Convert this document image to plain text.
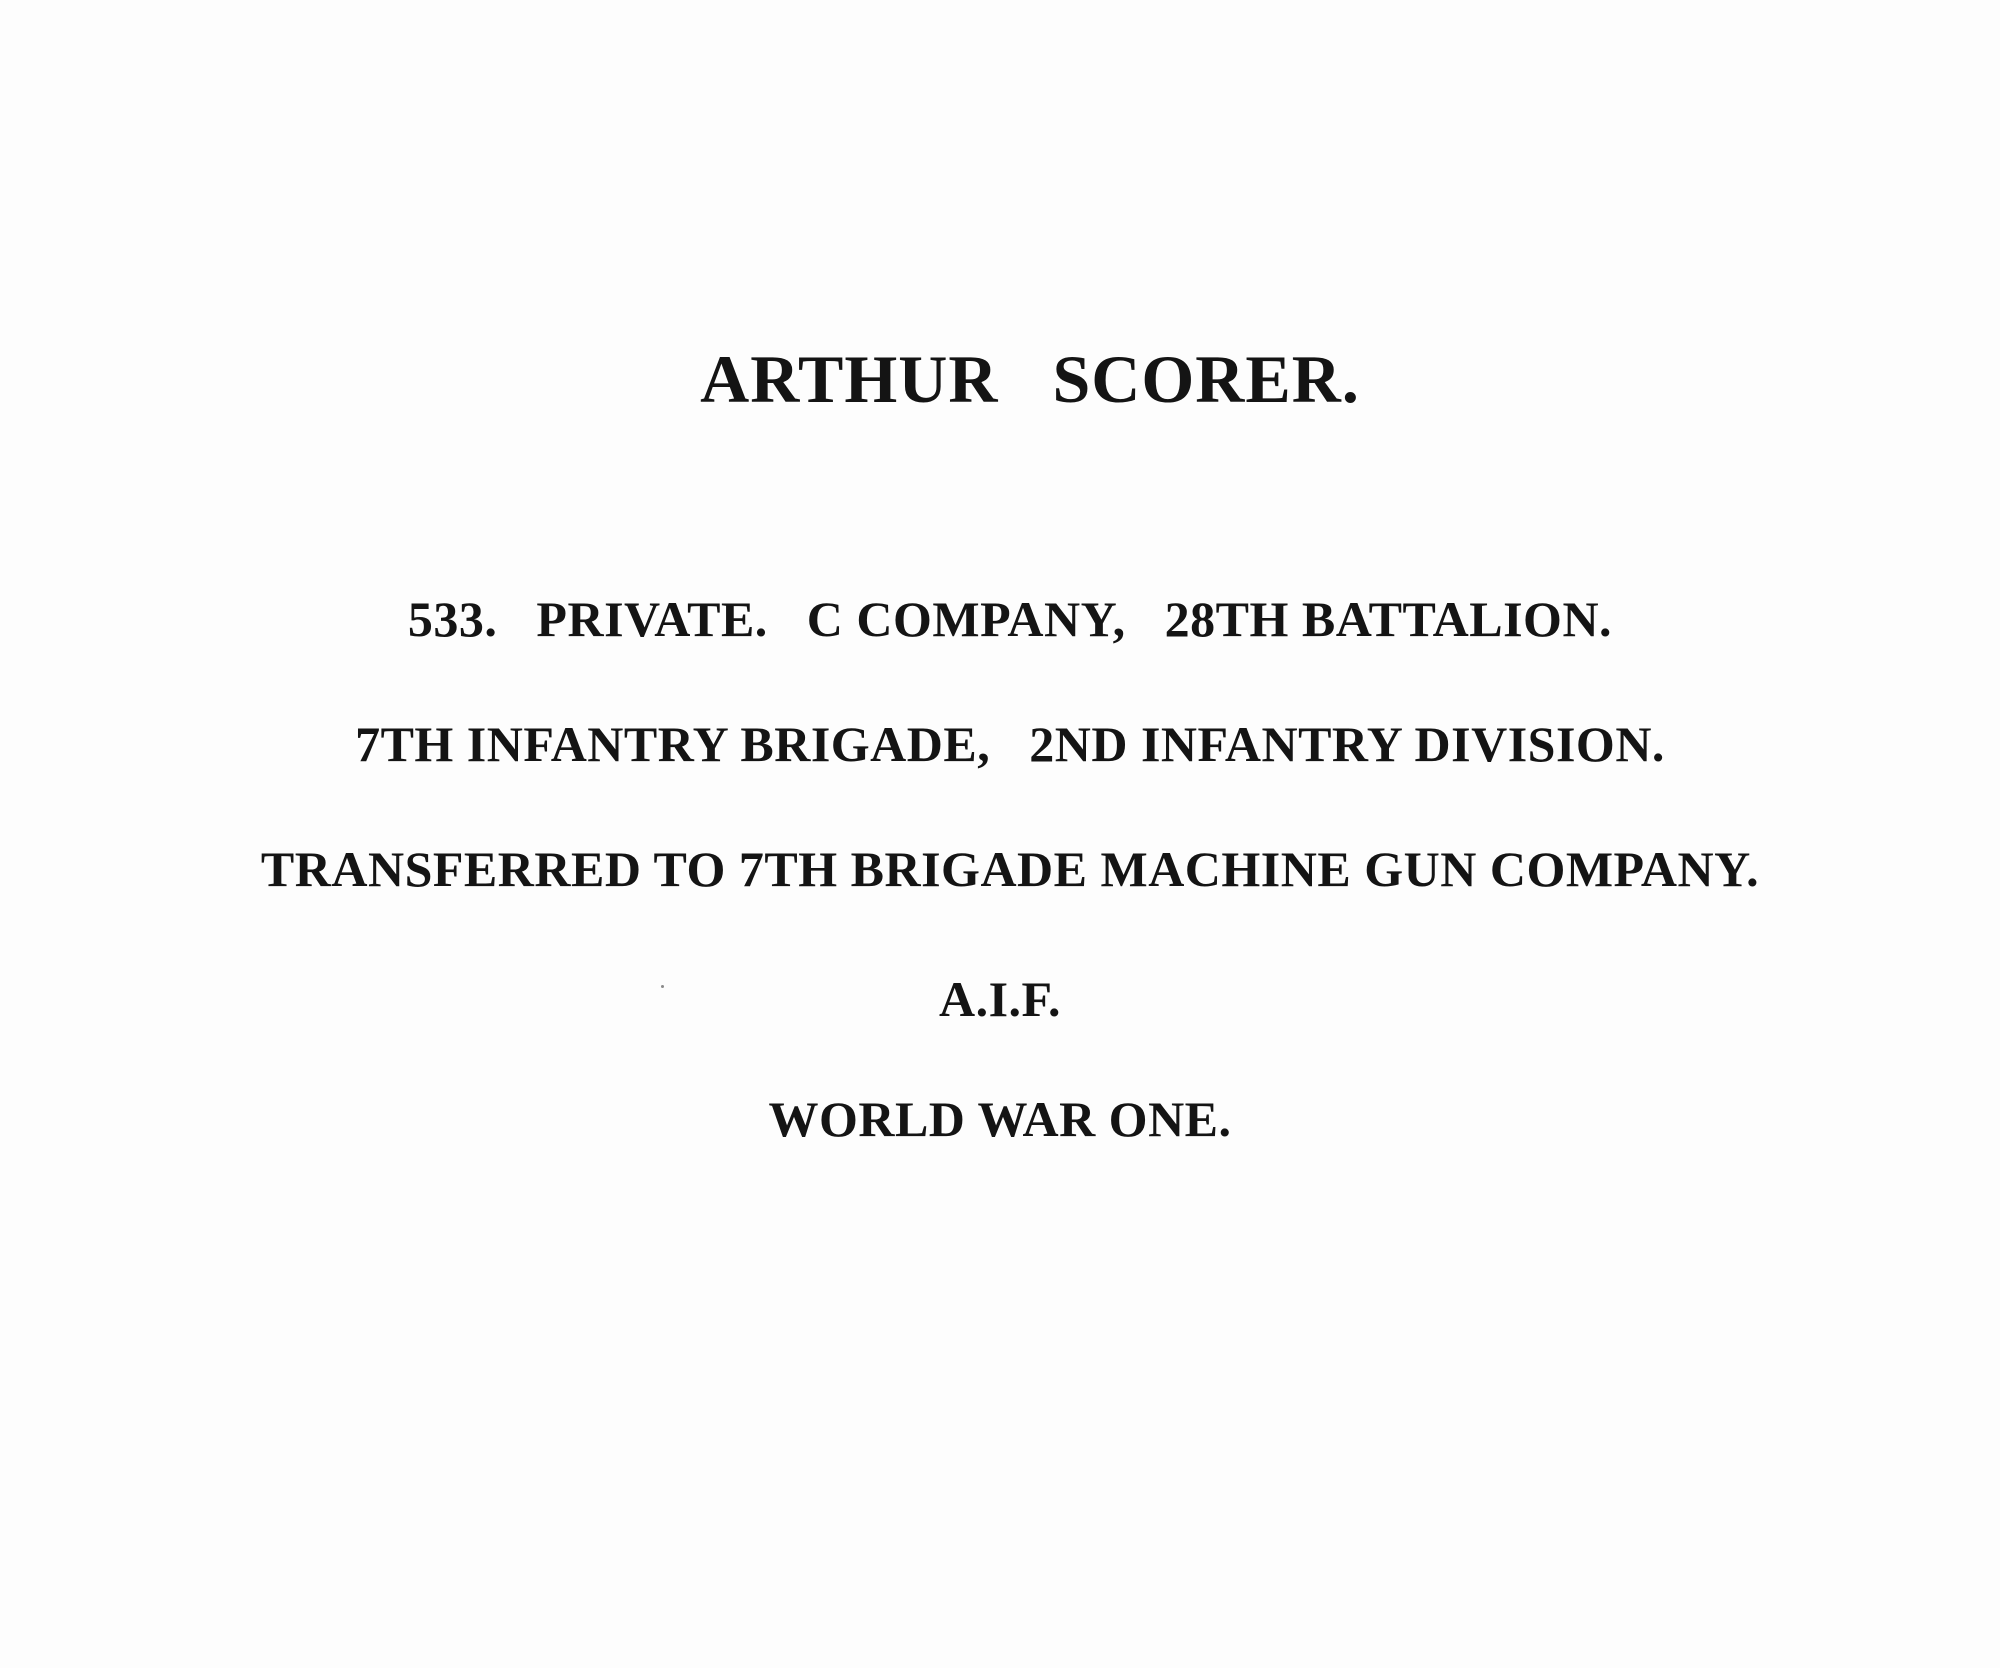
ARTHUR   SCORER.
533.   PRIVATE.   C COMPANY,   28TH BATTALION.
7TH INFANTRY BRIGADE,   2ND INFANTRY DIVISION.
TRANSFERRED TO 7TH BRIGADE MACHINE GUN COMPANY.
A.I.F.
WORLD WAR ONE.
